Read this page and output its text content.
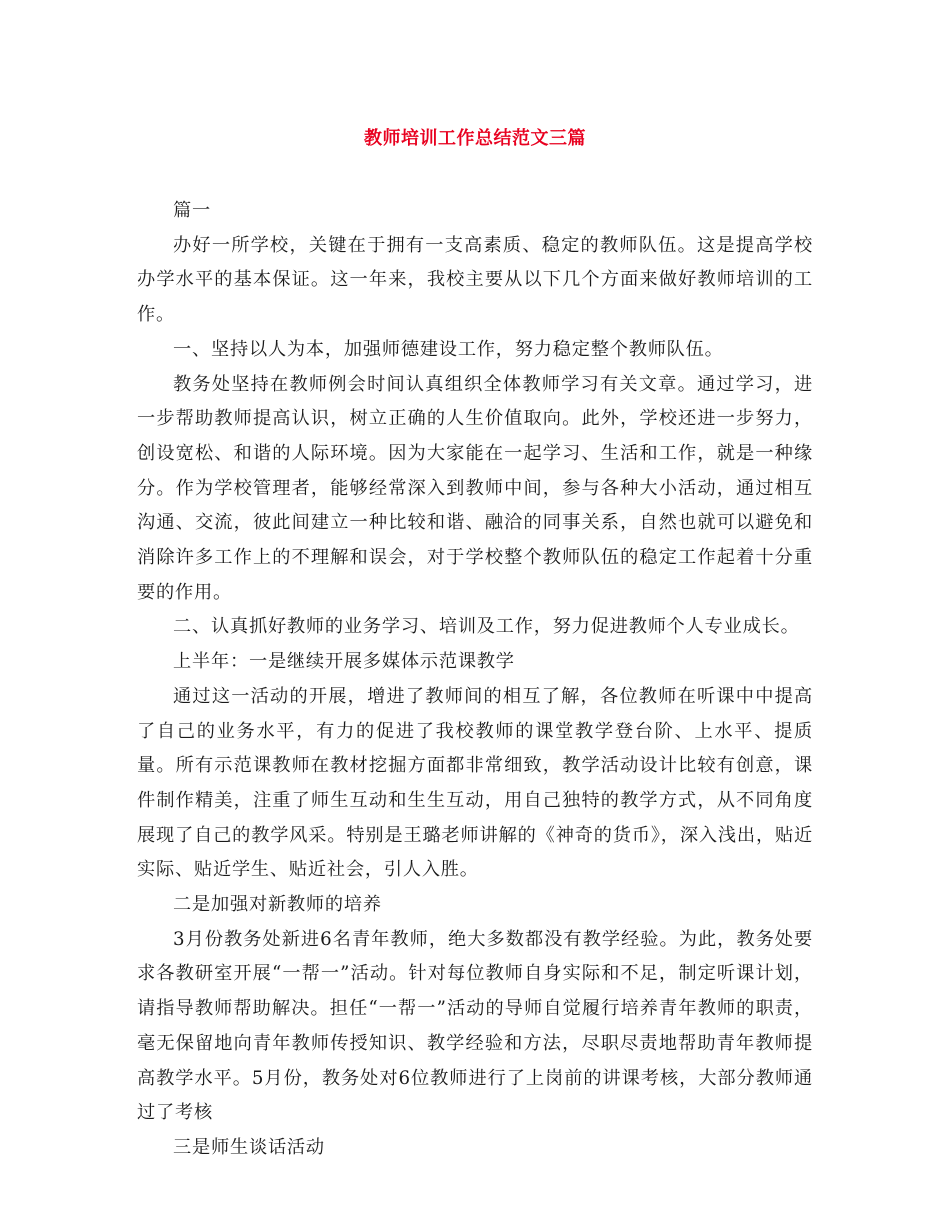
教师培训工作总结范文三篇

篇一

办好一所学校，关键在于拥有一支高素质、稳定的教师队伍。这是提高学校办学水平的基本保证。这一年来，我校主要从以下几个方面来做好教师培训的工作。

一、坚持以人为本，加强师德建设工作，努力稳定整个教师队伍。

教务处坚持在教师例会时间认真组织全体教师学习有关文章。通过学习，进一步帮助教师提高认识，树立正确的人生价值取向。此外，学校还进一步努力，创设宽松、和谐的人际环境。因为大家能在一起学习、生活和工作，就是一种缘分。作为学校管理者，能够经常深入到教师中间，参与各种大小活动，通过相互沟通、交流，彼此间建立一种比较和谐、融洽的同事关系，自然也就可以避免和消除许多工作上的不理解和误会，对于学校整个教师队伍的稳定工作起着十分重要的作用。

二、认真抓好教师的业务学习、培训及工作，努力促进教师个人专业成长。

上半年：一是继续开展多媒体示范课教学

通过这一活动的开展，增进了教师间的相互了解，各位教师在听课中中提高了自己的业务水平，有力的促进了我校教师的课堂教学登台阶、上水平、提质量。所有示范课教师在教材挖掘方面都非常细致，教学活动设计比较有创意，课件制作精美，注重了师生互动和生生互动，用自己独特的教学方式，从不同角度展现了自己的教学风采。特别是王璐老师讲解的《神奇的货币》，深入浅出，贴近实际、贴近学生、贴近社会，引人入胜。

二是加强对新教师的培养

3月份教务处新进6名青年教师，绝大多数都没有教学经验。为此，教务处要求各教研室开展“一帮一”活动。针对每位教师自身实际和不足，制定听课计划，请指导教师帮助解决。担任“一帮一”活动的导师自觉履行培养青年教师的职责，毫无保留地向青年教师传授知识、教学经验和方法，尽职尽责地帮助青年教师提高教学水平。5月份，教务处对6位教师进行了上岗前的讲课考核，大部分教师通过了考核

三是师生谈话活动
